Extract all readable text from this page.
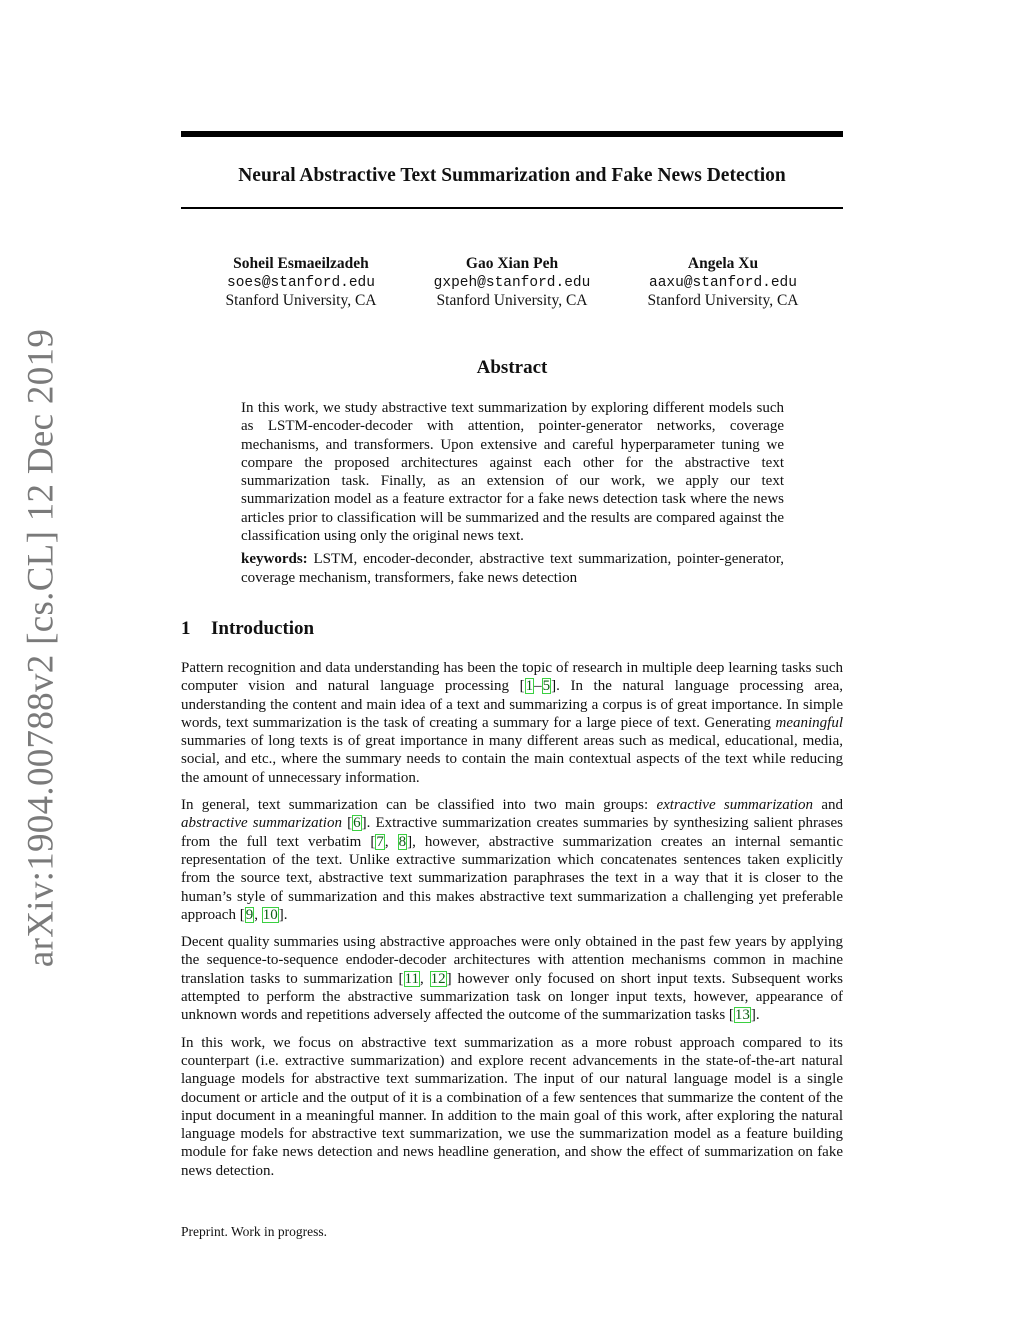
arXiv:1904.00788v2 [cs.CL] 12 Dec 2019
Neural Abstractive Text Summarization and Fake News Detection
Soheil Esmaeilzadeh
soes@stanford.edu
Stanford University, CA
Gao Xian Peh
gxpeh@stanford.edu
Stanford University, CA
Angela Xu
aaxu@stanford.edu
Stanford University, CA
Abstract

In this work, we study abstractive text summarization by exploring different models such as LSTM-encoder-decoder with attention, pointer-generator networks, coverage mechanisms, and transformers. Upon extensive and careful hyperparameter tuning we compare the proposed architectures against each other for the abstractive text summarization task. Finally, as an extension of our work, we apply our text summarization model as a feature extractor for a fake news detection task where the news articles prior to classification will be summarized and the results are compared against the classification using only the original news text.

keywords: LSTM, encoder-deconder, abstractive text summarization, pointer-generator, coverage mechanism, transformers, fake news detection

1 Introduction

Pattern recognition and data understanding has been the topic of research in multiple deep learning tasks such computer vision and natural language processing [1–5]. In the natural language processing area, understanding the content and main idea of a text and summarizing a corpus is of great importance. In simple words, text summarization is the task of creating a summary for a large piece of text. Generating meaningful summaries of long texts is of great importance in many different areas such as medical, educational, media, social, and etc., where the summary needs to contain the main contextual aspects of the text while reducing the amount of unnecessary information.

In general, text summarization can be classified into two main groups: extractive summarization and abstractive summarization [6]. Extractive summarization creates summaries by synthesizing salient phrases from the full text verbatim [7, 8], however, abstractive summarization creates an internal semantic representation of the text. Unlike extractive summarization which concatenates sentences taken explicitly from the source text, abstractive text summarization paraphrases the text in a way that it is closer to the human’s style of summarization and this makes abstractive text summarization a challenging yet preferable approach [9, 10].

Decent quality summaries using abstractive approaches were only obtained in the past few years by applying the sequence-to-sequence endoder-decoder architectures with attention mechanisms common in machine translation tasks to summarization [11, 12] however only focused on short input texts. Subsequent works attempted to perform the abstractive summarization task on longer input texts, however, appearance of unknown words and repetitions adversely affected the outcome of the summarization tasks [13].

In this work, we focus on abstractive text summarization as a more robust approach compared to its counterpart (i.e. extractive summarization) and explore recent advancements in the state-of-the-art natural language models for abstractive text summarization. The input of our natural language model is a single document or article and the output of it is a combination of a few sentences that summarize the content of the input document in a meaningful manner. In addition to the main goal of this work, after exploring the natural language models for abstractive text summarization, we use the summarization model as a feature building module for fake news detection and news headline generation, and show the effect of summarization on fake news detection.

Preprint. Work in progress.
